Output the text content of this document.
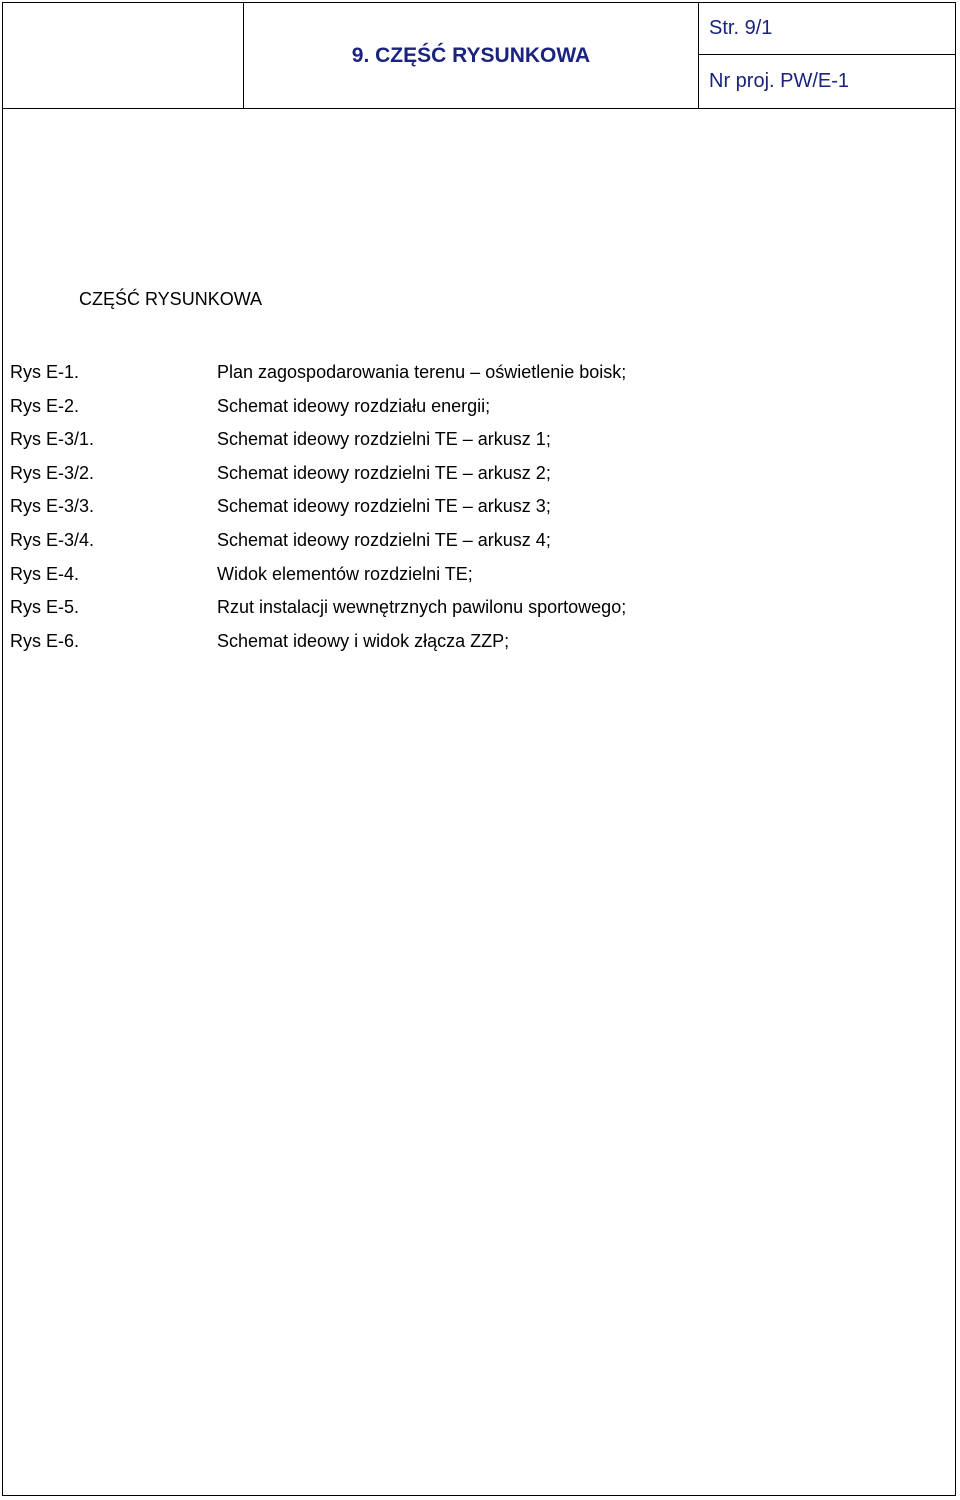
9. CZĘŚĆ RYSUNKOWA
Str. 9/1
Nr proj. PW/E-1
CZĘŚĆ RYSUNKOWA
Rys E-1.	Plan zagospodarowania terenu – oświetlenie boisk;
Rys E-2.	Schemat ideowy rozdziału energii;
Rys E-3/1.	Schemat ideowy rozdzielni TE – arkusz 1;
Rys E-3/2.	Schemat ideowy rozdzielni TE – arkusz 2;
Rys E-3/3.	Schemat ideowy rozdzielni TE – arkusz 3;
Rys E-3/4.	Schemat ideowy rozdzielni TE – arkusz 4;
Rys E-4.	Widok elementów rozdzielni TE;
Rys E-5.	Rzut instalacji wewnętrznych pawilonu sportowego;
Rys E-6.	Schemat ideowy i widok złącza ZZP;
